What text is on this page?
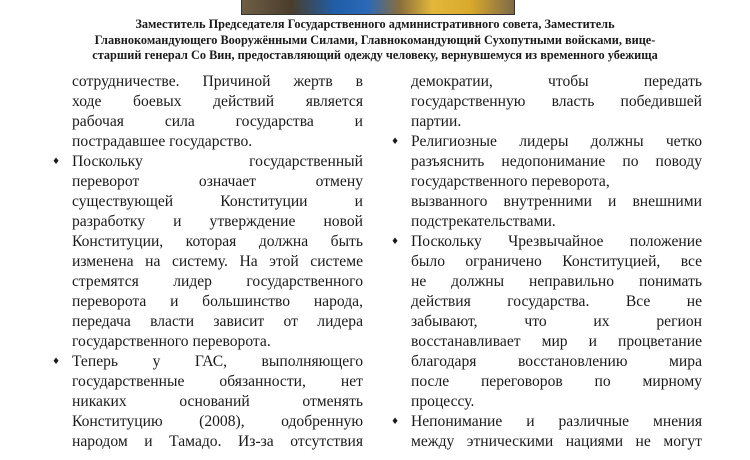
Заместитель Председателя Государственного административного совета, Заместитель
Главнокомандующего Вооружёнными Силами, Главнокомандующий Сухопутными войсками, вице-
старший генерал Со Вин, предоставляющий одежду человеку, вернувшемуся из временного убежища
сотрудничестве. Причиной жертв в
ходе боевых действий является
рабочая сила государства и
пострадавшее государство.
♦ Поскольку государственный
переворот означает отмену
существующей Конституции и
разработку и утверждение новой
Конституции, которая должна быть
изменена на систему. На этой системе
стремятся лидер государственного
переворота и большинство народа,
передача власти зависит от лидера
государственного переворота.
♦ Теперь у ГАС, выполняющего
государственные обязанности, нет
никаких оснований отменять
Конституцию (2008), одобренную
народом и Тамадо. Из-за отсутствия
демократии, чтобы передать
государственную власть победившей
партии.
♦ Религиозные лидеры должны четко
разъяснить недопонимание по поводу
государственного переворота,
вызванного внутренними и внешними
подстрекательствами.
♦ Поскольку Чрезвычайное положение
было ограничено Конституцией, все
не должны неправильно понимать
действия государства. Все не
забывают, что их регион
восстанавливает мир и процветание
благодаря восстановлению мира
после переговоров по мирному
процессу.
♦ Непонимание и различные мнения
между этническими нациями не могут
